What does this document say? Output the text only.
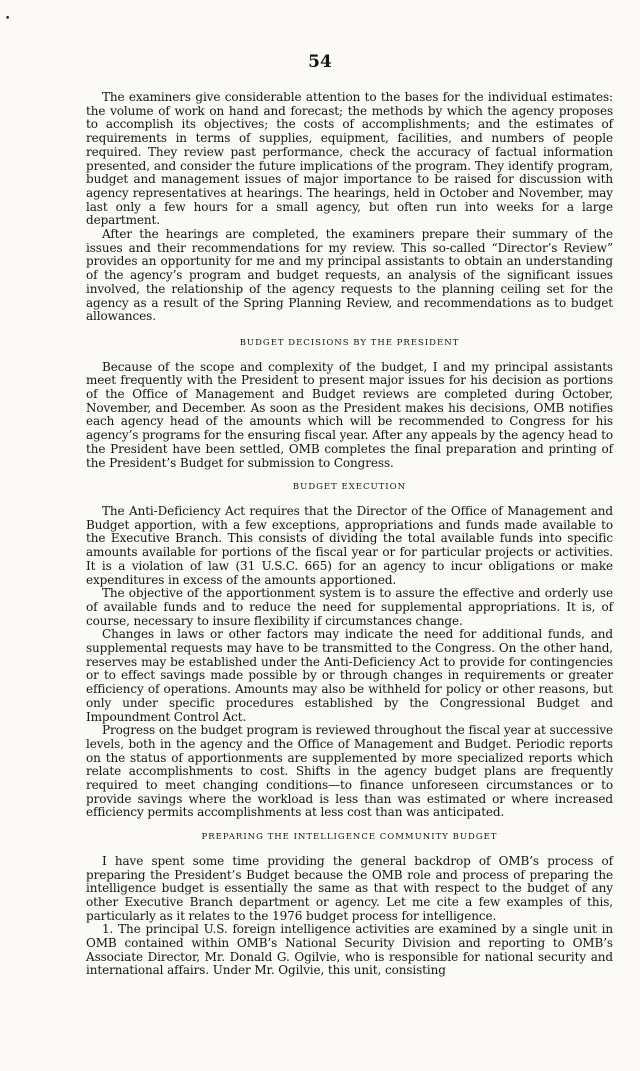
•
54

The examiners give considerable attention to the bases for the individual estimates: the volume of work on hand and forecast; the methods by which the agency proposes to accomplish its objectives; the costs of accomplishments; and the estimates of requirements in terms of supplies, equipment, facilities, and numbers of people required. They review past performance, check the accuracy of factual information presented, and consider the future implications of the program. They identify program, budget and management issues of major importance to be raised for discussion with agency representatives at hearings. The hearings, held in October and November, may last only a few hours for a small agency, but often run into weeks for a large department.

After the hearings are completed, the examiners prepare their summary of the issues and their recommendations for my review. This so-called “Director’s Review” provides an opportunity for me and my principal assistants to obtain an understanding of the agency’s program and budget requests, an analysis of the significant issues involved, the relationship of the agency requests to the planning ceiling set for the agency as a result of the Spring Planning Review, and recommendations as to budget allowances.

BUDGET DECISIONS BY THE PRESIDENT

Because of the scope and complexity of the budget, I and my principal assistants meet frequently with the President to present major issues for his decision as portions of the Office of Management and Budget reviews are completed during October, November, and December. As soon as the President makes his decisions, OMB notifies each agency head of the amounts which will be recommended to Congress for his agency’s programs for the ensuring fiscal year. After any appeals by the agency head to the President have been settled, OMB completes the final preparation and printing of the President’s Budget for submission to Congress.

BUDGET EXECUTION

The Anti-Deficiency Act requires that the Director of the Office of Management and Budget apportion, with a few exceptions, appropriations and funds made available to the Executive Branch. This consists of dividing the total available funds into specific amounts available for portions of the fiscal year or for particular projects or activities. It is a violation of law (31 U.S.C. 665) for an agency to incur obligations or make expenditures in excess of the amounts apportioned.

The objective of the apportionment system is to assure the effective and orderly use of available funds and to reduce the need for supplemental appropriations. It is, of course, necessary to insure flexibility if circumstances change.

Changes in laws or other factors may indicate the need for additional funds, and supplemental requests may have to be transmitted to the Congress. On the other hand, reserves may be established under the Anti-Deficiency Act to provide for contingencies or to effect savings made possible by or through changes in requirements or greater efficiency of operations. Amounts may also be withheld for policy or other reasons, but only under specific procedures established by the Congressional Budget and Impoundment Control Act.

Progress on the budget program is reviewed throughout the fiscal year at successive levels, both in the agency and the Office of Management and Budget. Periodic reports on the status of apportionments are supplemented by more specialized reports which relate accomplishments to cost. Shifts in the agency budget plans are frequently required to meet changing conditions—to finance unforeseen circumstances or to provide savings where the workload is less than was estimated or where increased efficiency permits accomplishments at less cost than was anticipated.

PREPARING THE INTELLIGENCE COMMUNITY BUDGET

I have spent some time providing the general backdrop of OMB’s process of preparing the President’s Budget because the OMB role and process of preparing the intelligence budget is essentially the same as that with respect to the budget of any other Executive Branch department or agency. Let me cite a few examples of this, particularly as it relates to the 1976 budget process for intelligence.

1. The principal U.S. foreign intelligence activities are examined by a single unit in OMB contained within OMB’s National Security Division and reporting to OMB’s Associate Director, Mr. Donald G. Ogilvie, who is responsible for national security and international affairs. Under Mr. Ogilvie, this unit, consisting
